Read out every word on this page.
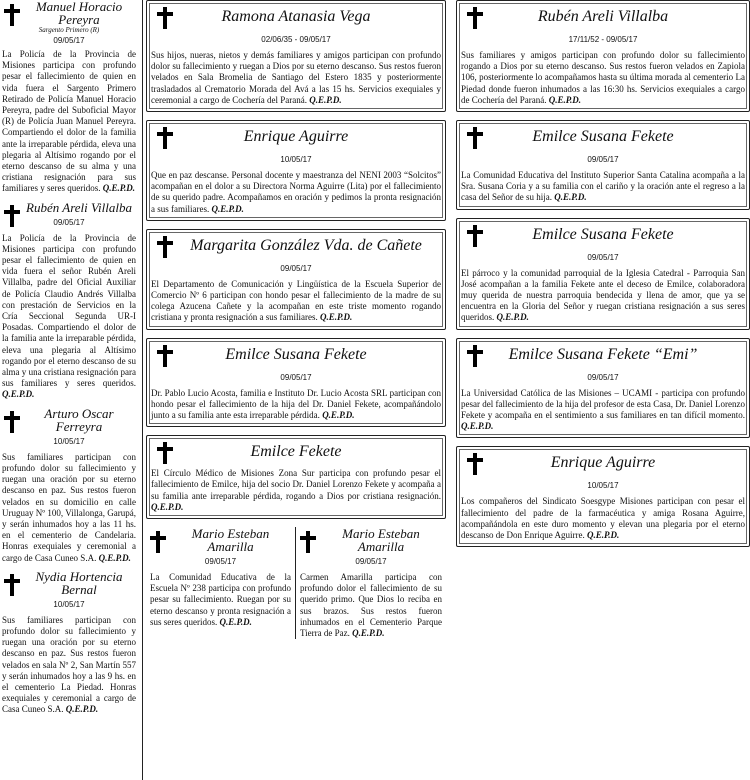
Manuel Horacio Pereyra
Sargento Primero (R)
09/05/17
La Policía de la Provincia de Misiones participa con profundo pesar el fallecimiento de quien en vida fuera el Sargento Primero Retirado de Policía Manuel Horacio Pereyra, padre del Suboficial Mayor (R) de Policía Juan Manuel Pereyra. Compartiendo el dolor de la familia ante la irreparable pérdida, eleva una plegaria al Altísimo rogando por el eterno descanso de su alma y una cristiana resignación para sus familiares y seres queridos. Q.E.P.D.
Rubén Areli Villalba
09/05/17
La Policía de la Provincia de Misiones participa con profundo pesar el fallecimiento de quien en vida fuera el señor Rubén Areli Villalba, padre del Oficial Auxiliar de Policía Claudio Andrés Villalba con prestación de Servicios en la Cría Seccional Segunda UR-I Posadas. Compartiendo el dolor de la familia ante la irreparable pérdida, eleva una plegaria al Altísimo rogando por el eterno descanso de su alma y una cristiana resignación para sus familiares y seres queridos. Q.E.P.D.
Arturo Oscar Ferreyra
10/05/17
Sus familiares participan con profundo dolor su fallecimiento y ruegan una oración por su eterno descanso en paz. Sus restos fueron velados en su domicilio en calle Uruguay Nº 100, Villalonga, Garupá, y serán inhumados hoy a las 11 hs. en el cementerio de Candelaria. Honras exequiales y ceremonial a cargo de Casa Cuneo S.A. Q.E.P.D.
Nydia Hortencia Bernal
10/05/17
Sus familiares participan con profundo dolor su fallecimiento y ruegan una oración por su eterno descanso en paz. Sus restos fueron velados en sala Nº 2, San Martín 557 y serán inhumados hoy a las 9 hs. en el cementerio La Piedad. Honras exequiales y ceremonial a cargo de Casa Cuneo S.A. Q.E.P.D.
Ramona Atanasia Vega
02/06/35 - 09/05/17
Sus hijos, nueras, nietos y demás familiares y amigos participan con profundo dolor su fallecimiento y ruegan a Dios por su eterno descanso. Sus restos fueron velados en Sala Bromelia de Santiago del Estero 1835 y posteriormente trasladados al Crematorio Morada del Avá a las 15 hs. Servicios exequiales y ceremonial a cargo de Cochería del Paraná. Q.E.P.D.
Enrique Aguirre
10/05/17
Que en paz descanse. Personal docente y maestranza del NENI 2003 “Solcitos” acompañan en el dolor a su Directora Norma Aguirre (Lita) por el fallecimiento de su querido padre. Acompañamos en oración y pedimos la pronta resignación a sus familiares. Q.E.P.D.
Margarita González Vda. de Cañete
09/05/17
El Departamento de Comunicación y Lingüística de la Escuela Superior de Comercio Nº 6 participan con hondo pesar el fallecimiento de la madre de su colega Azucena Cañete y la acompañan en este triste momento rogando cristiana y pronta resignación a sus familiares. Q.E.P.D.
Emilce Susana Fekete
09/05/17
Dr. Pablo Lucio Acosta, familia e Instituto Dr. Lucio Acosta SRL participan con hondo pesar el fallecimiento de la hija del Dr. Daniel Fekete, acompañándolo junto a su familia ante esta irreparable pérdida. Q.E.P.D.
Emilce Fekete
El Círculo Médico de Misiones Zona Sur participa con profundo pesar el fallecimiento de Emilce, hija del socio Dr. Daniel Lorenzo Fekete y acompaña a su familia ante irreparable pérdida, rogando a Dios por cristiana resignación. Q.E.P.D.
Mario Esteban Amarilla
09/05/17
La Comunidad Educativa de la Escuela Nº 238 participa con profundo pesar su fallecimiento. Ruegan por su eterno descanso y pronta resignación a sus seres queridos. Q.E.P.D.
Mario Esteban Amarilla
09/05/17
Carmen Amarilla participa con profundo dolor el fallecimiento de su querido primo. Que Dios lo reciba en sus brazos. Sus restos fueron inhumados en el Cementerio Parque Tierra de Paz. Q.E.P.D.
Rubén Areli Villalba
17/11/52 - 09/05/17
Sus familiares y amigos participan con profundo dolor su fallecimiento rogando a Dios por su eterno descanso. Sus restos fueron velados en Zapiola 106, posteriormente lo acompañamos hasta su última morada al cementerio La Piedad donde fueron inhumados a las 16:30 hs. Servicios exequiales a cargo de Cochería del Paraná. Q.E.P.D.
Emilce Susana Fekete
09/05/17
La Comunidad Educativa del Instituto Superior Santa Catalina acompaña a la Sra. Susana Coria y a su familia con el cariño y la oración ante el regreso a la casa del Señor de su hija. Q.E.P.D.
Emilce Susana Fekete
09/05/17
El párroco y la comunidad parroquial de la Iglesia Catedral - Parroquia San José acompañan a la familia Fekete ante el deceso de Emilce, colaboradora muy querida de nuestra parroquia bendecida y llena de amor, que ya se encuentra en la Gloria del Señor y ruegan cristiana resignación a sus seres queridos. Q.E.P.D.
Emilce Susana Fekete “Emi”
09/05/17
La Universidad Católica de las Misiones – UCAMI - participa con profundo pesar del fallecimiento de la hija del profesor de esta Casa, Dr. Daniel Lorenzo Fekete y acompaña en el sentimiento a sus familiares en tan difícil momento. Q.E.P.D.
Enrique Aguirre
10/05/17
Los compañeros del Sindicato Soesgype Misiones participan con pesar el fallecimiento del padre de la farmacéutica y amiga Rosana Aguirre, acompañándola en este duro momento y elevan una plegaria por el eterno descanso de Don Enrique Aguirre. Q.E.P.D.
